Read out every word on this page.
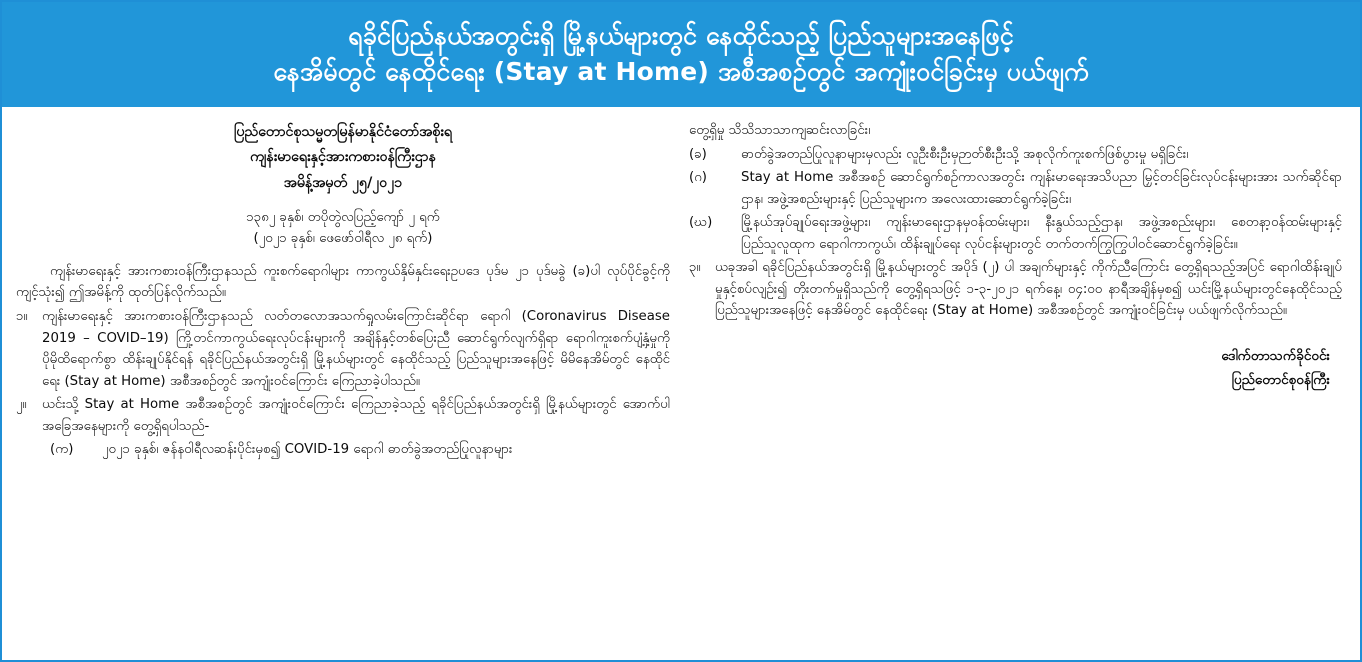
ရခိုင်ပြည်နယ်အတွင်းရှိ မြို့နယ်များတွင် နေထိုင်သည့် ပြည်သူများအနေဖြင့်
နေအိမ်တွင် နေထိုင်ရေး (Stay at Home) အစီအစဥ်တွင် အကျုံးဝင်ခြင်းမှ ပယ်ဖျက်
ပြည်တောင်စုသမ္မတမြန်မာနိုင်ငံတော်အစိုးရ
ကျန်းမာရေးနှင့်အားကစားဝန်ကြီးဌာန
အမိန့်အမှတ် ၂၅/၂၀၂၁
၁၃၈၂ ခုနှစ်၊ တပိုတွဲလပြည့်ကျော် ၂ ရက်
(၂၀၂၁ ခုနှစ်၊ ဖေဖော်ဝါရီလ ၂၈ ရက်)

ကျန်းမာရေးနှင့် အားကစားဝန်ကြီးဌာနသည် ကူးစက်ရောဂါများ ကာကွယ်နှိမ်နှင်းရေးဥပဒေ ပုဒ်မ ၂၁ ပုဒ်မခွဲ (ခ)ပါ လုပ်ပိုင်ခွင့်ကို ကျင့်သုံး၍ ဤအမိန့်ကို ထုတ်ပြန်လိုက်သည်။

၁။	ကျန်းမာရေးနှင့် အားကစားဝန်ကြီးဌာနသည် လတ်တလောအသက်ရှုလမ်းကြောင်းဆိုင်ရာ ရောဂါ (Coronavirus Disease 2019 – COVID–19) ကြို့တင်ကာကွယ်ရေးလုပ်ငန်းများကို အချိန်နှင့်တစ်ပြေးညီ ဆောင်ရွက်လျက်ရှိရာ ရောဂါကူးစက်ပျံ့နှံ့မှုကို ပိုမိုထိရောက်စွာ ထိန်းချုပ်နိုင်ရန် ရခိုင်ပြည်နယ်အတွင်းရှိ မြို့နယ်များတွင် နေထိုင်သည့် ပြည်သူများအနေဖြင့် မိမိနေအိမ်တွင် နေထိုင်ရေး (Stay at Home) အစီအစဉ်တွင် အကျုံးဝင်ကြောင်း ကြေညာခဲ့ပါသည်။
၂။	ယင်းသို့ Stay at Home အစီအစဉ်တွင် အကျုံးဝင်ကြောင်း ကြေညာခဲ့သည့် ရခိုင်ပြည်နယ်အတွင်းရှိ မြို့နယ်များတွင် အောက်ပါအခြေအနေများကို တွေ့ရှိရပါသည်-
(က)	၂၀၂၁ ခုနှစ်၊ ဇန်နဝါရီလဆန်းပိုင်းမှစ၍ COVID-19 ရောဂါ ဓာတ်ခွဲအတည်ပြုလူနာများ

တွေ့ရှိမှု သိသိသာသာကျဆင်းလာခြင်း၊

(ခ)	ဓာတ်ခွဲအတည်ပြုလူနာများမှလည်း လူဦးစီးဦးမှဉာတ်စီးဦးသို့ အစုလိုက်ကူးစက်ဖြစ်ပွားမှု မရှိခြင်း၊
(ဂ)	Stay at Home အစီအစဉ် ဆောင်ရွက်စဉ်ကာလအတွင်း ကျန်းမာရေးအသိပညာ မြှင့်တင်ခြင်းလုပ်ငန်းများအား သက်ဆိုင်ရာဌာန၊ အဖွဲ့အစည်းများနှင့် ပြည်သူများက အလေးထားဆောင်ရွက်ခဲ့ခြင်း၊
(ဃ)	မြို့နယ်အုပ်ချုပ်ရေးအဖွဲ့များ၊ ကျန်းမာရေးဌာနမှဝန်ထမ်းများ၊ နီးနွယ်သည့်ဌာန၊ အဖွဲ့အစည်းများ၊ စေတနာ့ဝန်ထမ်းများနှင့် ပြည်သူလူထုက ရောဂါကာကွယ်၊ ထိန်းချုပ်ရေး လုပ်ငန်းများတွင် တက်တက်ကြွကြွပါဝင်ဆောင်ရွက်ခဲ့ခြင်း။
၃။	ယခုအခါ ရခိုင်ပြည်နယ်အတွင်းရှိ မြို့နယ်များတွင် အပိုဒ် (၂) ပါ အချက်များနှင့် ကိုက်ညီကြောင်း တွေ့ရှိရသည့်အပြင် ရောဂါထိန်းချုပ်မှုနှင့်စပ်လျဉ်း၍ တိုးတက်မှုရှိသည်ကို တွေ့ရှိရသဖြင့် ၁-၃-၂၀၂၁ ရက်နေ့၊ ၀၄:၀၀ နာရီအချိန်မှစ၍ ယင်းမြို့နယ်များတွင်နေထိုင်သည့် ပြည်သူများအနေဖြင့် နေအိမ်တွင် နေထိုင်ရေး (Stay at Home) အစီအစဉ်တွင် အကျုံးဝင်ခြင်းမှ ပယ်ဖျက်လိုက်သည်။
ဒေါက်တာသက်ခိုင်ဝင်း
ပြည်တောင်စုဝန်ကြီး
